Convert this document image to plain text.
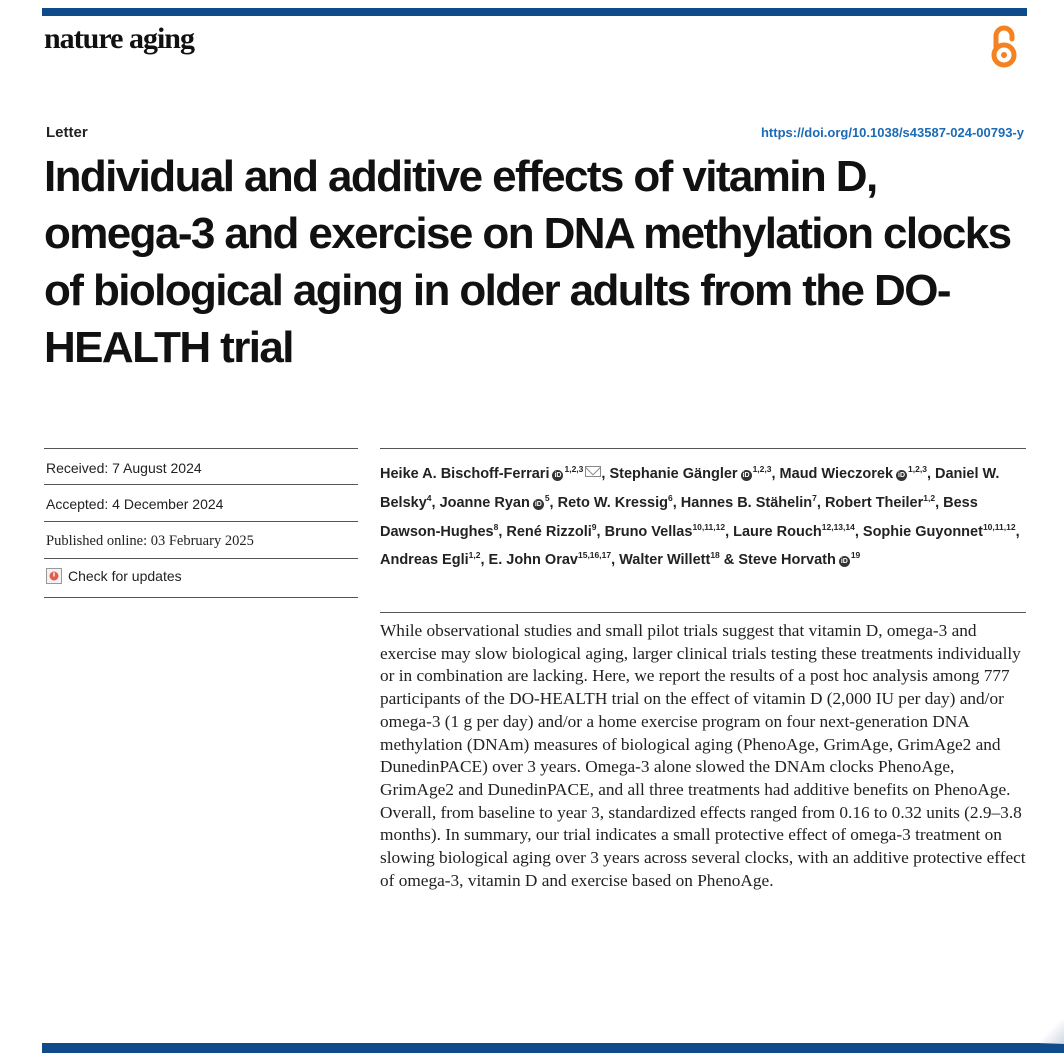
nature aging
Letter	https://doi.org/10.1038/s43587-024-00793-y
Individual and additive effects of vitamin D, omega-3 and exercise on DNA methylation clocks of biological aging in older adults from the DO-HEALTH trial
Received: 7 August 2024
Accepted: 4 December 2024
Published online: 03 February 2025
Check for updates

Heike A. Bischoff-Ferrari iD$^{1,2,3}$ , Stephanie Gängler iD$^{1,2,3}$, Maud Wieczorek iD$^{1,2,3}$, Daniel W. Belsky$^4$, Joanne Ryan $iD^5$, Reto W. Kressig$^6$, Hannes B. Stähelin$^7$, Robert Theiler$^{1,2}$, Bess Dawson-Hughes$^8$, René Rizzoli$^9$, Bruno Vellas$^{10,11,12}$, Laure Rouch$^{12,13,14}$, Sophie Guyonnet$^{10,11,12}$, Andreas Egli$^{1,2}$, E. John Orav$^{15,16,17}$, Walter Willett$^{18}$ & Steve Horvath $iD^{19}$

While observational studies and small pilot trials suggest that vitamin D, omega-3 and exercise may slow biological aging, larger clinical trials testing these treatments individually or in combination are lacking. Here, we report the results of a post hoc analysis among 777 participants of the DO-HEALTH trial on the effect of vitamin D (2,000 IU per day) and/or omega-3 (1 g per day) and/or a home exercise program on four next-generation DNA methylation (DNAm) measures of biological aging (PhenoAge, GrimAge, GrimAge2 and DunedinPACE) over 3 years. Omega-3 alone slowed the DNAm clocks PhenoAge, GrimAge2 and DunedinPACE, and all three treatments had additive benefits on PhenoAge. Overall, from baseline to year 3, standardized effects ranged from 0.16 to 0.32 units (2.9–3.8 months). In summary, our trial indicates a small protective effect of omega-3 treatment on slowing biological aging over 3 years across several clocks, with an additive protective effect of omega-3, vitamin D and exercise based on PhenoAge.
